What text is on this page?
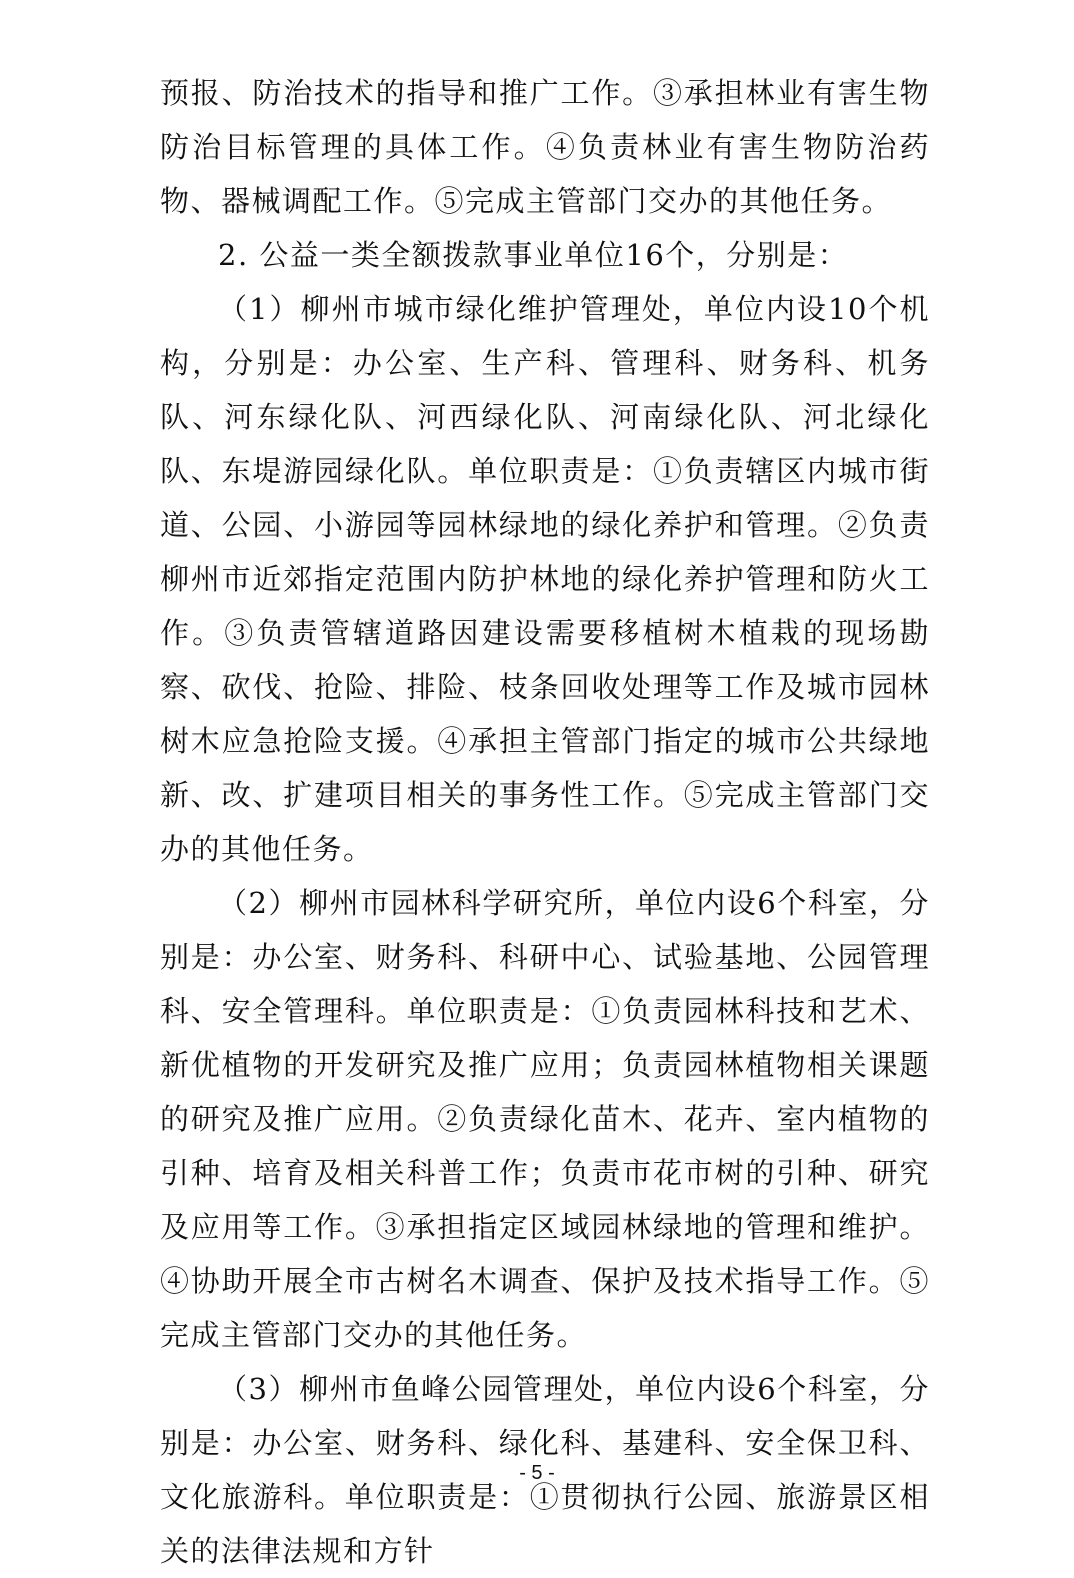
预报、防治技术的指导和推广工作。③承担林业有害生物防治目标管理的具体工作。④负责林业有害生物防治药物、器械调配工作。⑤完成主管部门交办的其他任务。

2. 公益一类全额拨款事业单位16个，分别是：

（1）柳州市城市绿化维护管理处，单位内设10个机构，分别是：办公室、生产科、管理科、财务科、机务队、河东绿化队、河西绿化队、河南绿化队、河北绿化队、东堤游园绿化队。单位职责是：①负责辖区内城市街道、公园、小游园等园林绿地的绿化养护和管理。②负责柳州市近郊指定范围内防护林地的绿化养护管理和防火工作。③负责管辖道路因建设需要移植树木植栽的现场勘察、砍伐、抢险、排险、枝条回收处理等工作及城市园林树木应急抢险支援。④承担主管部门指定的城市公共绿地新、改、扩建项目相关的事务性工作。⑤完成主管部门交办的其他任务。

（2）柳州市园林科学研究所，单位内设6个科室，分别是：办公室、财务科、科研中心、试验基地、公园管理科、安全管理科。单位职责是：①负责园林科技和艺术、新优植物的开发研究及推广应用；负责园林植物相关课题的研究及推广应用。②负责绿化苗木、花卉、室内植物的引种、培育及相关科普工作；负责市花市树的引种、研究及应用等工作。③承担指定区域园林绿地的管理和维护。④协助开展全市古树名木调查、保护及技术指导工作。⑤完成主管部门交办的其他任务。

（3）柳州市鱼峰公园管理处，单位内设6个科室，分别是：办公室、财务科、绿化科、基建科、安全保卫科、文化旅游科。单位职责是：①贯彻执行公园、旅游景区相关的法律法规和方针

- 5 -
